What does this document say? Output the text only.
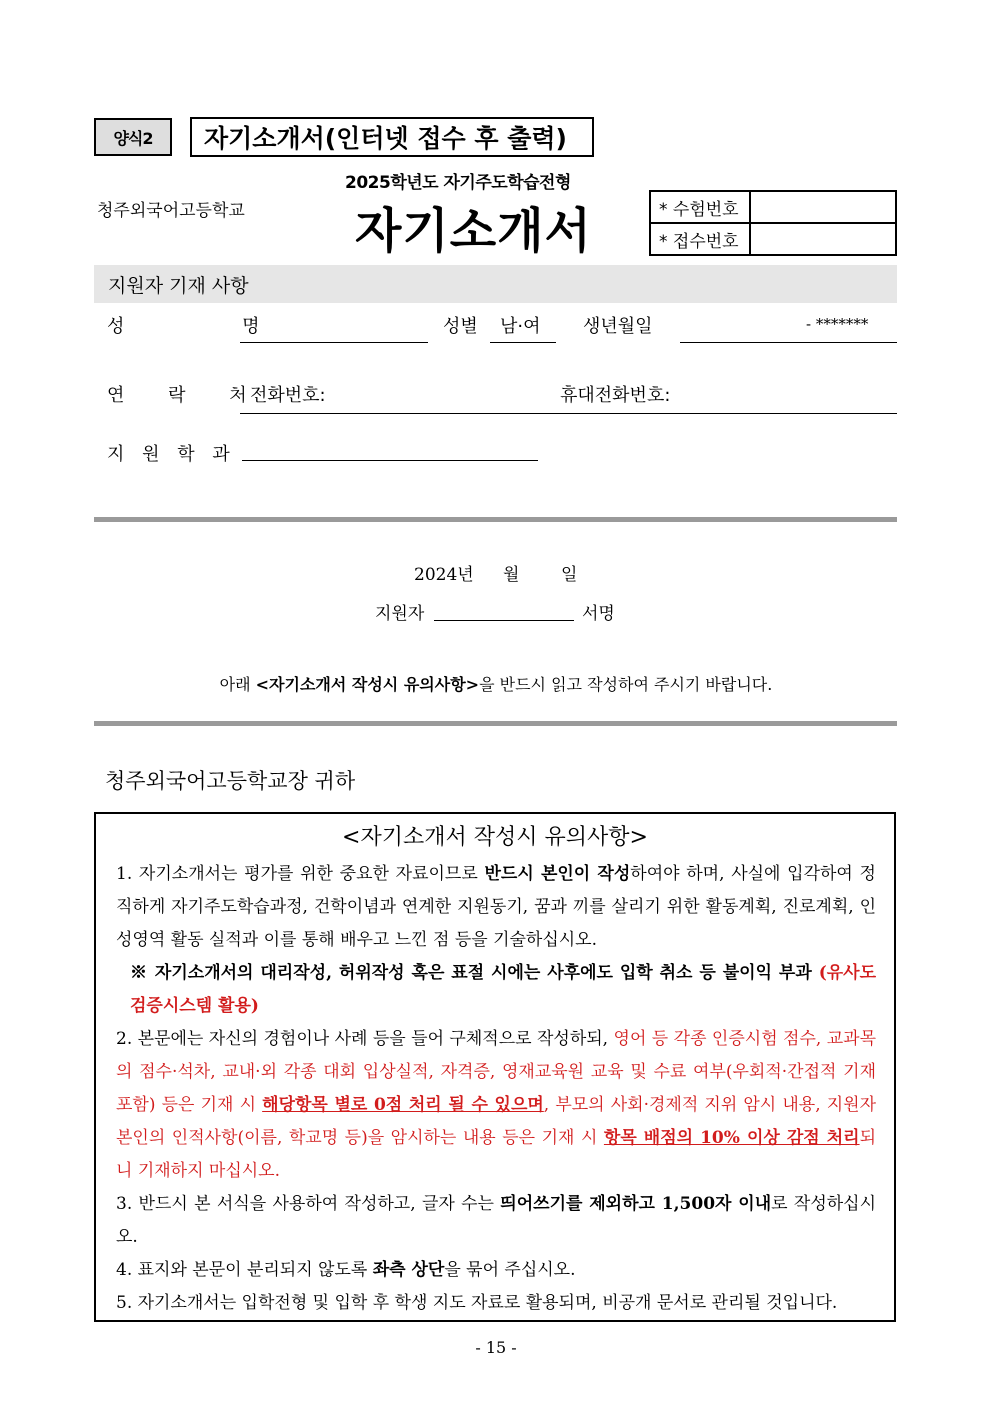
양식2	자기소개서(인터넷 접수 후 출력)
청주외국어고등학교
2025학년도 자기주도학습전형
자기소개서	* 수험번호	
* 접수번호	
지원자 기재 사항
성 명	성별 남·여 생년월일	- *******
연 락 처
전화번호:	휴대전화번호:
지 원 학 과
2024년 월 일
지원자	서명
아래 <자기소개서 작성시 유의사항>을 반드시 읽고 작성하여 주시기 바랍니다.
청주외국어고등학교장 귀하
<자기소개서 작성시 유의사항>
1. 자기소개서는 평가를 위한 중요한 자료이므로 반드시 본인이 작성하여야 하며, 사실에 입각하여 정직하게 자기주도학습과정, 건학이념과 연계한 지원동기, 꿈과 끼를 살리기 위한 활동계획, 진로계획, 인성영역 활동 실적과 이를 통해 배우고 느낀 점 등을 기술하십시오.
※ 자기소개서의 대리작성, 허위작성 혹은 표절 시에는 사후에도 입학 취소 등 불이익 부과 (유사도검증시스템 활용)
2. 본문에는 자신의 경험이나 사례 등을 들어 구체적으로 작성하되, 영어 등 각종 인증시험 점수, 교과목의 점수·석차, 교내·외 각종 대회 입상실적, 자격증, 영재교육원 교육 및 수료 여부(우회적·간접적 기재 포함) 등은 기재 시 해당항목 별로 0점 처리 될 수 있으며, 부모의 사회·경제적 지위 암시 내용, 지원자 본인의 인적사항(이름, 학교명 등)을 암시하는 내용 등은 기재 시 항목 배점의 10% 이상 감점 처리되니 기재하지 마십시오.
3. 반드시 본 서식을 사용하여 작성하고, 글자 수는 띄어쓰기를 제외하고 1,500자 이내로 작성하십시오.
4. 표지와 본문이 분리되지 않도록 좌측 상단을 묶어 주십시오.
5. 자기소개서는 입학전형 및 입학 후 학생 지도 자료로 활용되며, 비공개 문서로 관리될 것입니다.
- 15 -
